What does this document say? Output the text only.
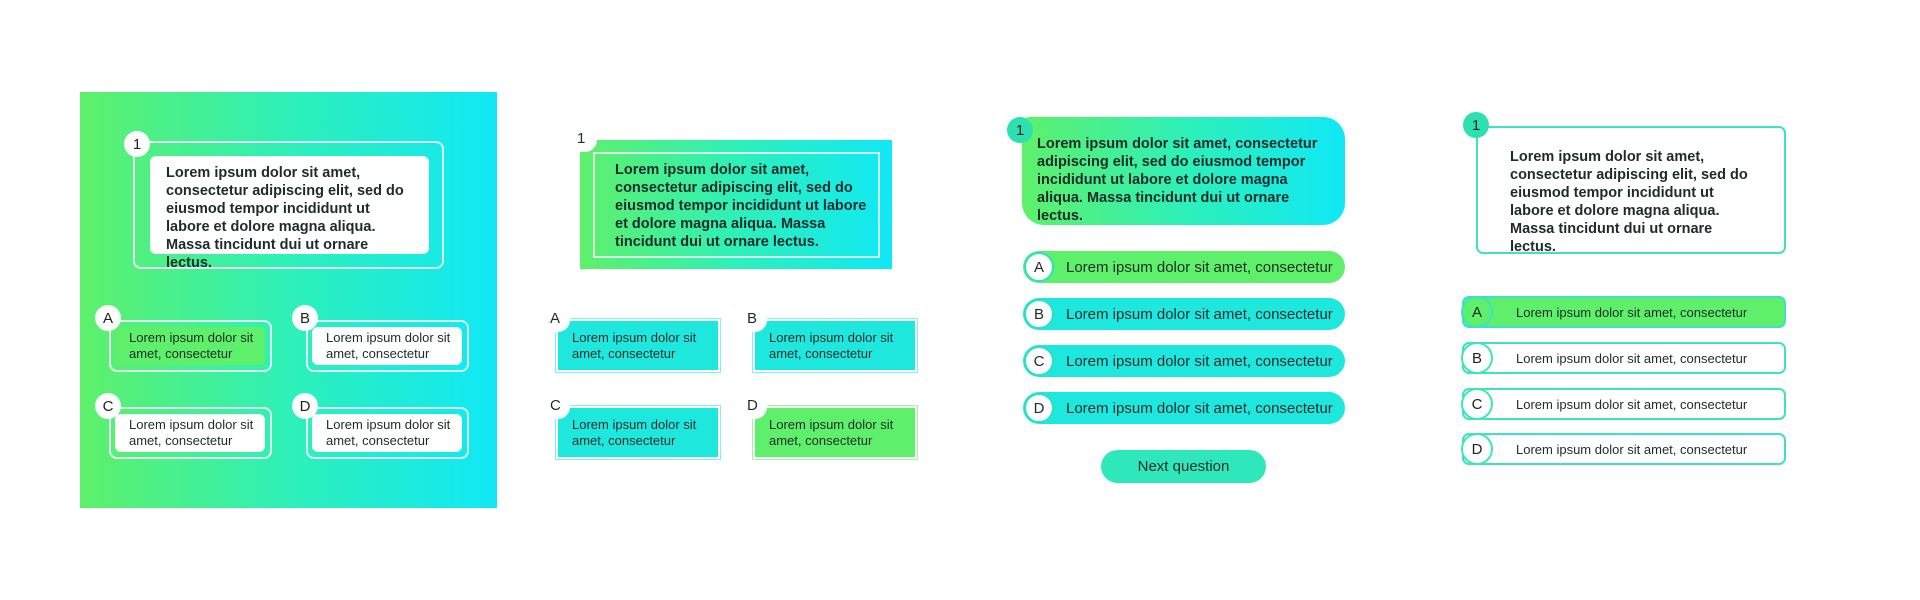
Lorem ipsum dolor sit amet, consectetur adipiscing elit, sed do eiusmod tempor incididunt ut labore et dolore magna aliqua. Massa tincidunt dui ut ornare lectus.
1
Lorem ipsum dolor sit amet, consectetur
A
Lorem ipsum dolor sit amet, consectetur
B
Lorem ipsum dolor sit amet, consectetur
C
Lorem ipsum dolor sit amet, consectetur
D
Lorem ipsum dolor sit amet, consectetur adipiscing elit, sed do eiusmod tempor incididunt ut labore et dolore magna aliqua. Massa tincidunt dui ut ornare lectus.
1
Lorem ipsum dolor sit amet, consectetur
A
Lorem ipsum dolor sit amet, consectetur
B
Lorem ipsum dolor sit amet, consectetur
C
Lorem ipsum dolor sit amet, consectetur
D
Lorem ipsum dolor sit amet, consectetur adipiscing elit, sed do eiusmod tempor incididunt ut labore et dolore magna aliqua. Massa tincidunt dui ut ornare lectus.
1
A	Lorem ipsum dolor sit amet, consectetur
B	Lorem ipsum dolor sit amet, consectetur
C	Lorem ipsum dolor sit amet, consectetur
D	Lorem ipsum dolor sit amet, consectetur
Next question
Lorem ipsum dolor sit amet, consectetur adipiscing elit, sed do eiusmod tempor incididunt ut labore et dolore magna aliqua. Massa tincidunt dui ut ornare lectus.
1
Lorem ipsum dolor sit amet, consectetur
A
Lorem ipsum dolor sit amet, consectetur
B
Lorem ipsum dolor sit amet, consectetur
C
Lorem ipsum dolor sit amet, consectetur
D
